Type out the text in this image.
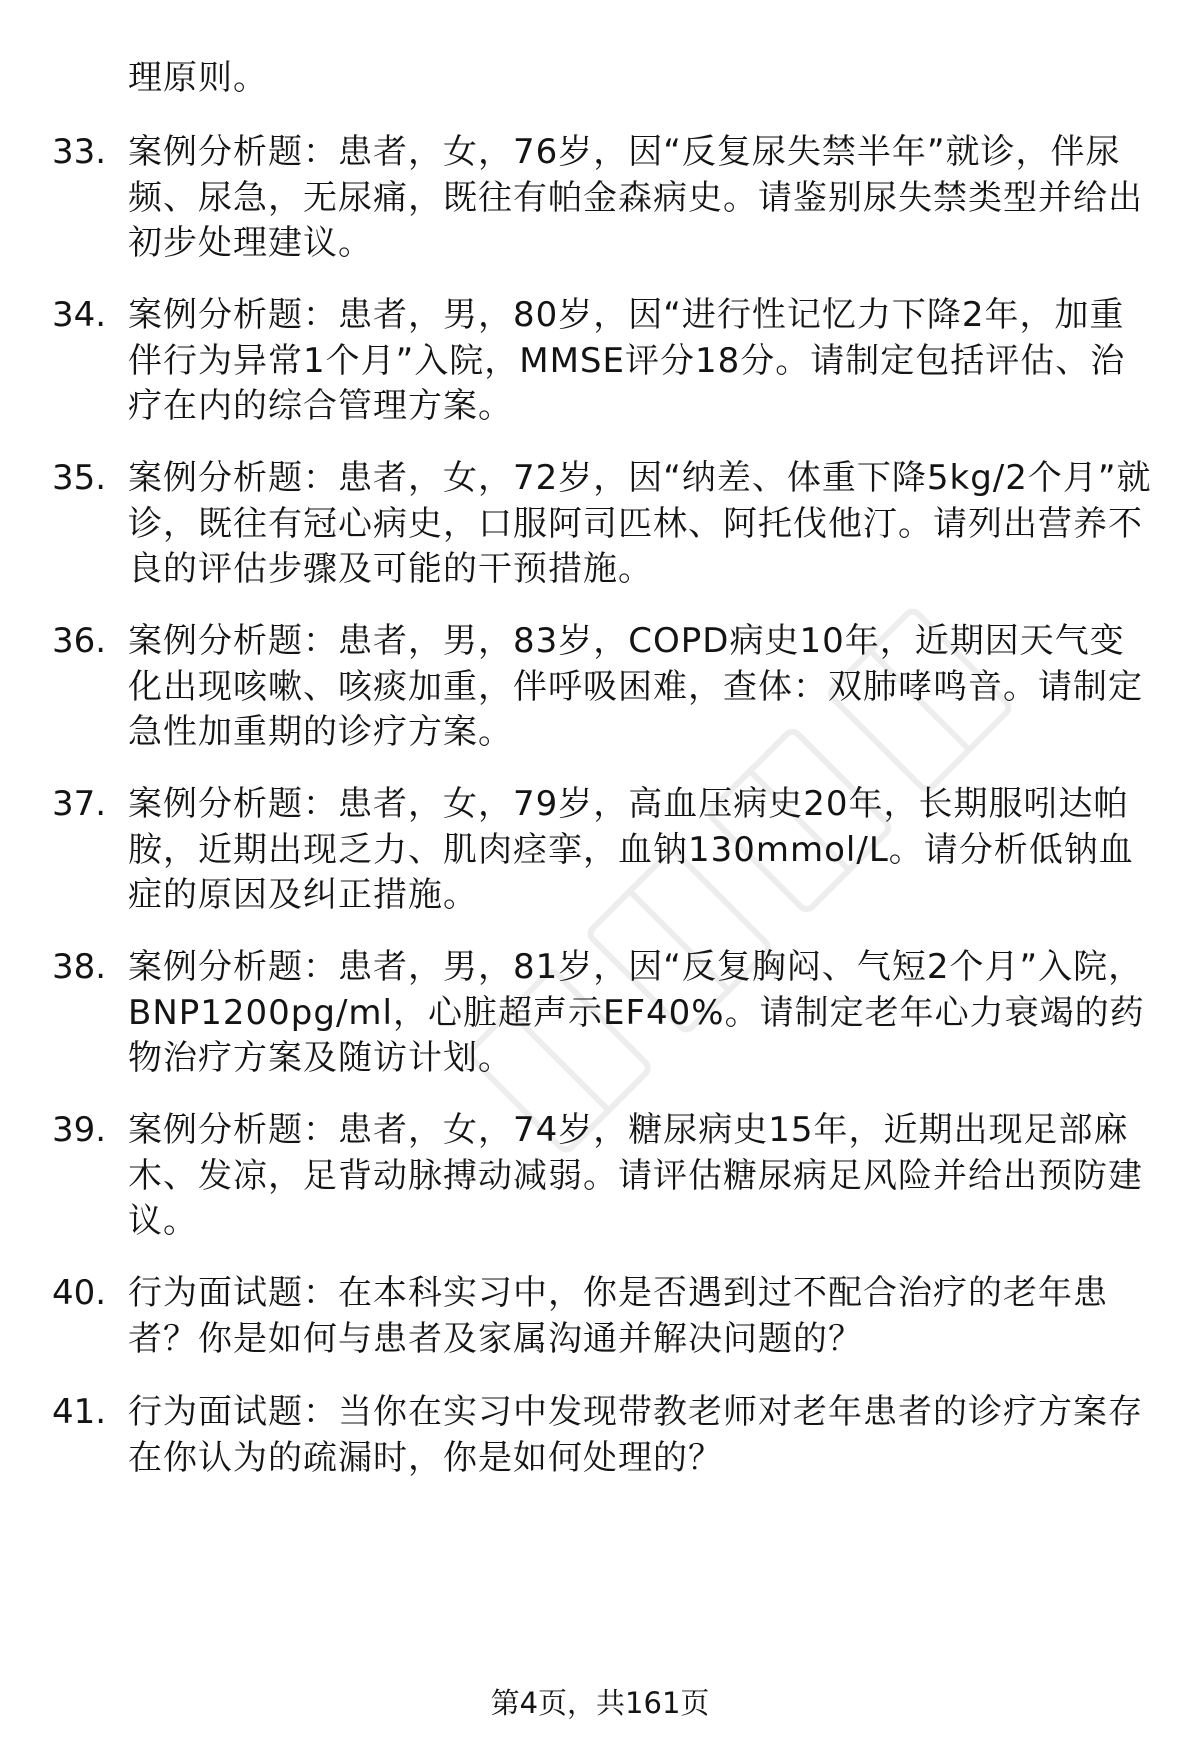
理原则。
33. 案例分析题：患者，女，76岁，因“反复尿失禁半年”就诊，伴尿频、尿急，无尿痛，既往有帕金森病史。请鉴别尿失禁类型并给出初步处理建议。
34. 案例分析题：患者，男，80岁，因“进行性记忆力下降2年，加重伴行为异常1个月”入院，MMSE评分18分。请制定包括评估、治疗在内的综合管理方案。
35. 案例分析题：患者，女，72岁，因“纳差、体重下降5kg/2个月”就诊，既往有冠心病史，口服阿司匹林、阿托伐他汀。请列出营养不良的评估步骤及可能的干预措施。
36. 案例分析题：患者，男，83岁，COPD病史10年，近期因天气变化出现咳嗽、咳痰加重，伴呼吸困难，查体：双肺哮鸣音。请制定急性加重期的诊疗方案。
37. 案例分析题：患者，女，79岁，高血压病史20年，长期服吲达帕胺，近期出现乏力、肌肉痉挛，血钠130mmol/L。请分析低钠血症的原因及纠正措施。
38. 案例分析题：患者，男，81岁，因“反复胸闷、气短2个月”入院，BNP1200pg/ml，心脏超声示EF40%。请制定老年心力衰竭的药物治疗方案及随访计划。
39. 案例分析题：患者，女，74岁，糖尿病史15年，近期出现足部麻木、发凉，足背动脉搏动减弱。请评估糖尿病足风险并给出预防建议。
40. 行为面试题：在本科实习中，你是否遇到过不配合治疗的老年患者？你是如何与患者及家属沟通并解决问题的？
41. 行为面试题：当你在实习中发现带教老师对老年患者的诊疗方案存在你认为的疏漏时，你是如何处理的？
第4页，共161页
